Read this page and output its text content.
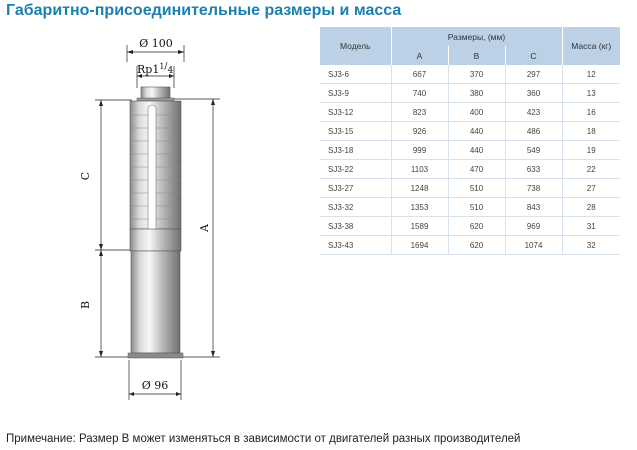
Габаритно-присоединительные размеры и масса
Ø 100
$Rp1^1/_4$
C
A
B
Ø 96
Модель	Размеры, (мм)			Масса (кг)
	A	B	C	
SJ3-6	667	370	297	12
SJ3-9	740	380	360	13
SJ3-12	823	400	423	16
SJ3-15	926	440	486	18
SJ3-18	999	440	549	19
SJ3-22	1103	470	633	22
SJ3-27	1248	510	738	27
SJ3-32	1353	510	843	28
SJ3-38	1589	620	969	31
SJ3-43	1694	620	1074	32
Примечание: Размер B может изменяться в зависимости от двигателей разных производителей
